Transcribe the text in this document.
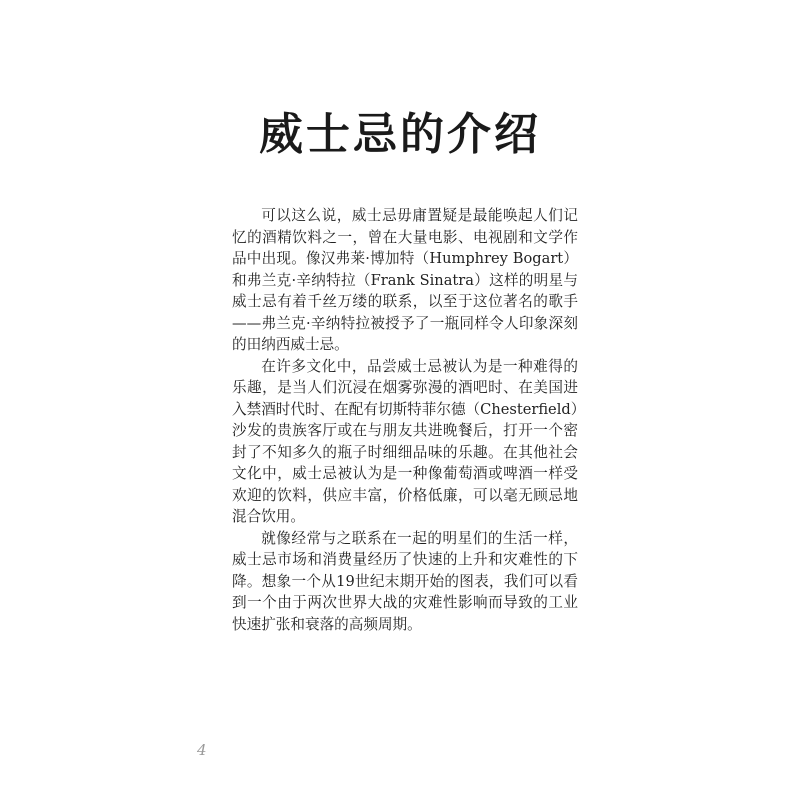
威士忌的介绍

可以这么说，威士忌毋庸置疑是最能唤起人们记忆的酒精饮料之一，曾在大量电影、电视剧和文学作品中出现。像汉弗莱·博加特（Humphrey Bogart）和弗兰克·辛纳特拉（Frank Sinatra）这样的明星与威士忌有着千丝万缕的联系，以至于这位著名的歌手——弗兰克·辛纳特拉被授予了一瓶同样令人印象深刻的田纳西威士忌。

在许多文化中，品尝威士忌被认为是一种难得的乐趣，是当人们沉浸在烟雾弥漫的酒吧时、在美国进入禁酒时代时、在配有切斯特菲尔德（Chesterfield）沙发的贵族客厅或在与朋友共进晚餐后，打开一个密封了不知多久的瓶子时细细品味的乐趣。在其他社会文化中，威士忌被认为是一种像葡萄酒或啤酒一样受欢迎的饮料，供应丰富，价格低廉，可以毫无顾忌地混合饮用。

就像经常与之联系在一起的明星们的生活一样，威士忌市场和消费量经历了快速的上升和灾难性的下降。想象一个从19世纪末期开始的图表，我们可以看到一个由于两次世界大战的灾难性影响而导致的工业快速扩张和衰落的高频周期。

4
